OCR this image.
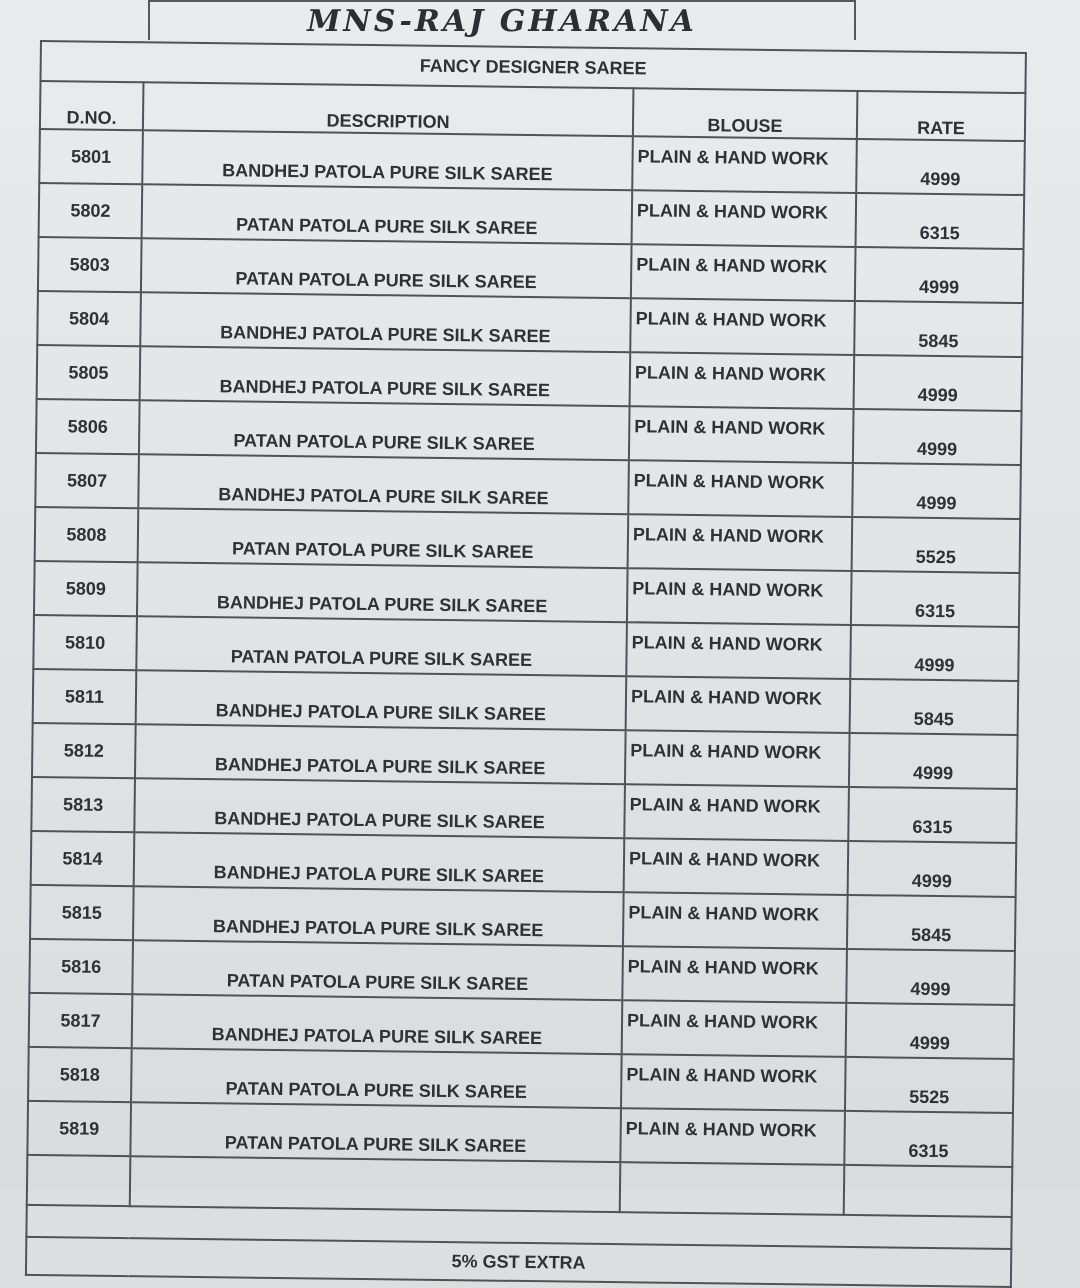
MNS-RAJ GHARANA
FANCY DESIGNER SAREE			
D.NO.	DESCRIPTION	BLOUSE	RATE
5801	BANDHEJ PATOLA PURE SILK SAREE	PLAIN & HAND WORK	4999
5802	PATAN PATOLA PURE SILK SAREE	PLAIN & HAND WORK	6315
5803	PATAN PATOLA PURE SILK SAREE	PLAIN & HAND WORK	4999
5804	BANDHEJ PATOLA PURE SILK SAREE	PLAIN & HAND WORK	5845
5805	BANDHEJ PATOLA PURE SILK SAREE	PLAIN & HAND WORK	4999
5806	PATAN PATOLA PURE SILK SAREE	PLAIN & HAND WORK	4999
5807	BANDHEJ PATOLA PURE SILK SAREE	PLAIN & HAND WORK	4999
5808	PATAN PATOLA PURE SILK SAREE	PLAIN & HAND WORK	5525
5809	BANDHEJ PATOLA PURE SILK SAREE	PLAIN & HAND WORK	6315
5810	PATAN PATOLA PURE SILK SAREE	PLAIN & HAND WORK	4999
5811	BANDHEJ PATOLA PURE SILK SAREE	PLAIN & HAND WORK	5845
5812	BANDHEJ PATOLA PURE SILK SAREE	PLAIN & HAND WORK	4999
5813	BANDHEJ PATOLA PURE SILK SAREE	PLAIN & HAND WORK	6315
5814	BANDHEJ PATOLA PURE SILK SAREE	PLAIN & HAND WORK	4999
5815	BANDHEJ PATOLA PURE SILK SAREE	PLAIN & HAND WORK	5845
5816	PATAN PATOLA PURE SILK SAREE	PLAIN & HAND WORK	4999
5817	BANDHEJ PATOLA PURE SILK SAREE	PLAIN & HAND WORK	4999
5818	PATAN PATOLA PURE SILK SAREE	PLAIN & HAND WORK	5525
5819	PATAN PATOLA PURE SILK SAREE	PLAIN & HAND WORK	6315

5% GST EXTRA			
